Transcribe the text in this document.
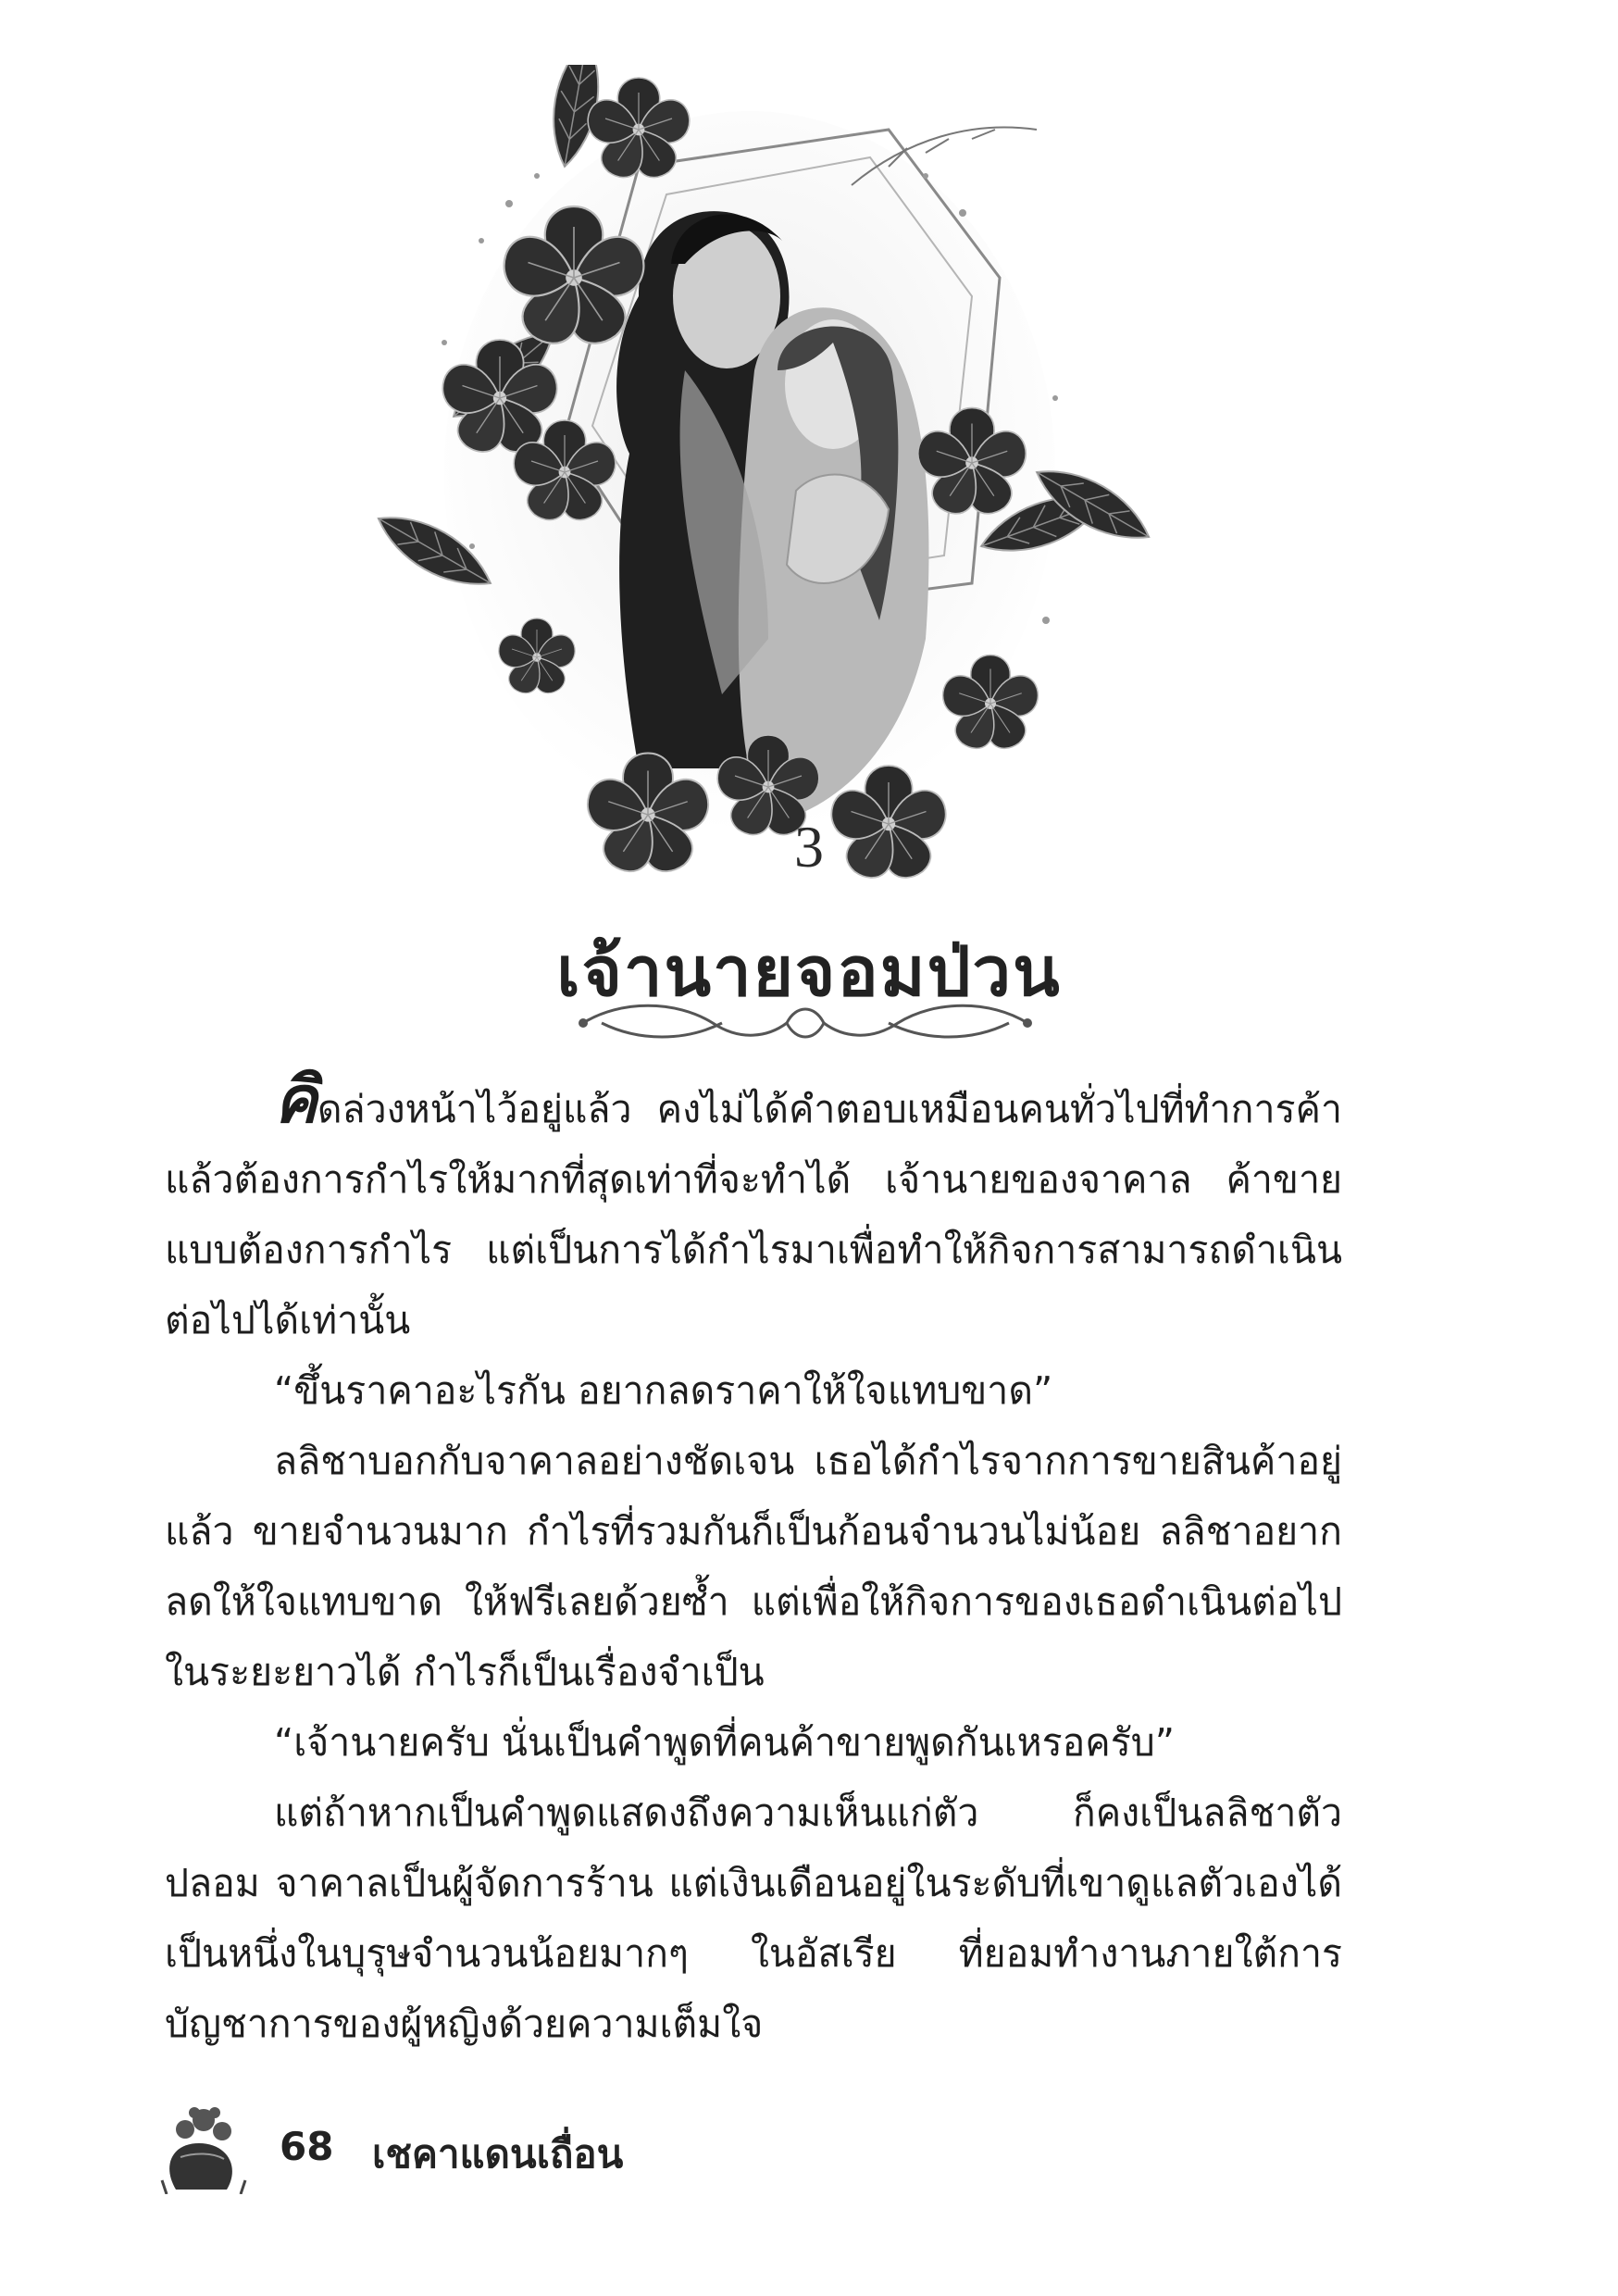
3
เจ้านายจอมป่วน

คิดล่วงหน้าไว้อยู่แล้ว คงไม่ได้คำตอบเหมือนคนทั่วไปที่ทำการค้า แล้วต้องการกำไรให้มากที่สุดเท่าที่จะทำได้ เจ้านายของจาคาล ค้าขายแบบต้องการกำไร แต่เป็นการได้กำไรมาเพื่อทำให้กิจการสามารถดำเนินต่อไปได้เท่านั้น

“ขึ้นราคาอะไรกัน อยากลดราคาให้ใจแทบขาด”

ลลิชาบอกกับจาคาลอย่างชัดเจน เธอได้กำไรจากการขายสินค้าอยู่แล้ว ขายจำนวนมาก กำไรที่รวมกันก็เป็นก้อนจำนวนไม่น้อย ลลิชาอยากลดให้ใจแทบขาด ให้ฟรีเลยด้วยซ้ำ แต่เพื่อให้กิจการของเธอดำเนินต่อไปในระยะยาวได้ กำไรก็เป็นเรื่องจำเป็น

“เจ้านายครับ นั่นเป็นคำพูดที่คนค้าขายพูดกันเหรอครับ”

แต่ถ้าหากเป็นคำพูดแสดงถึงความเห็นแก่ตัว ก็คงเป็นลลิชาตัวปลอม จาคาลเป็นผู้จัดการร้าน แต่เงินเดือนอยู่ในระดับที่เขาดูแลตัวเองได้ เป็นหนึ่งในบุรุษจำนวนน้อยมากๆ ในอัสเรีย ที่ยอมทำงานภายใต้การบัญชาการของผู้หญิงด้วยความเต็มใจ

68 เชคาแดนเถื่อน
